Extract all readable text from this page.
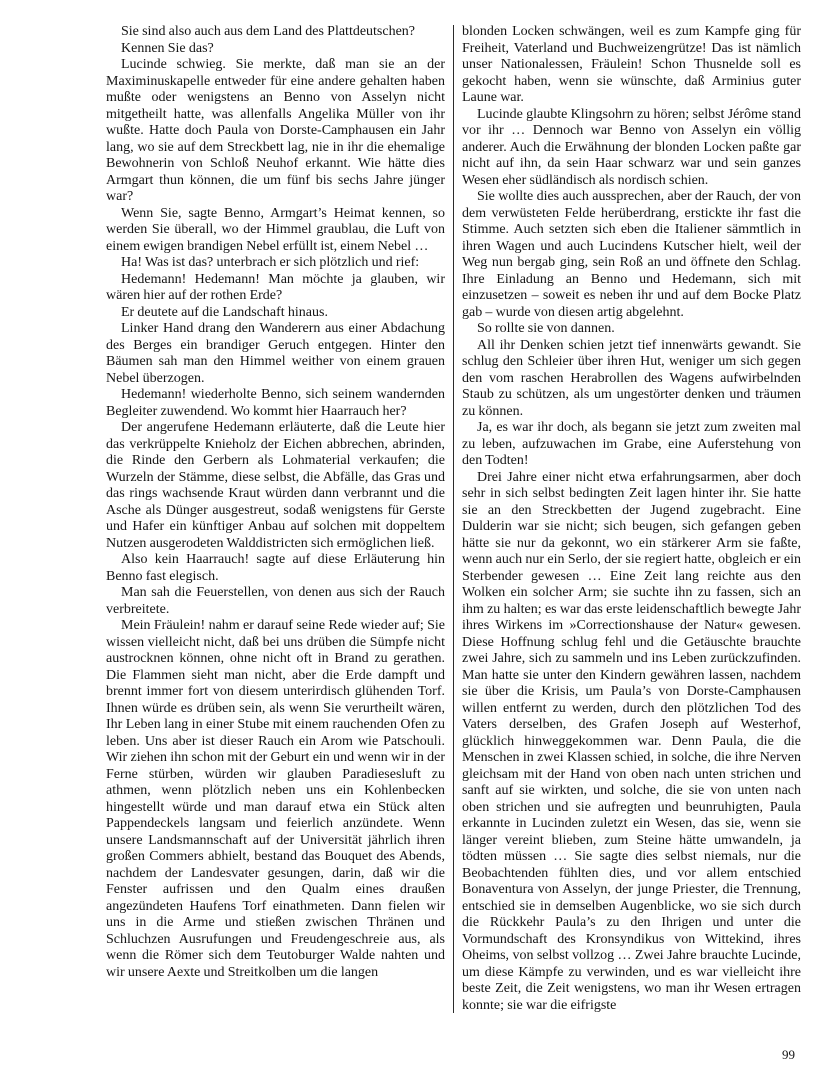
Sie sind also auch aus dem Land des Plattdeutschen?

Kennen Sie das?

Lucinde schwieg. Sie merkte, daß man sie an der Maximinuskapelle entweder für eine andere gehalten haben mußte oder wenigstens an Benno von Asselyn nicht mitgetheilt hatte, was allenfalls Angelika Müller von ihr wußte. Hatte doch Paula von Dorste-Camphausen ein Jahr lang, wo sie auf dem Streckbett lag, nie in ihr die ehemalige Bewohnerin von Schloß Neuhof erkannt. Wie hätte dies Armgart thun können, die um fünf bis sechs Jahre jünger war?

Wenn Sie, sagte Benno, Armgart’s Heimat kennen, so werden Sie überall, wo der Himmel graublau, die Luft von einem ewigen brandigen Nebel erfüllt ist, einem Nebel …

Ha! Was ist das? unterbrach er sich plötzlich und rief:

Hedemann! Hedemann! Man möchte ja glauben, wir wären hier auf der rothen Erde?

Er deutete auf die Landschaft hinaus.

Linker Hand drang den Wanderern aus einer Abdachung des Berges ein brandiger Geruch entgegen. Hinter den Bäumen sah man den Himmel weither von einem grauen Nebel überzogen.

Hedemann! wiederholte Benno, sich seinem wandernden Begleiter zuwendend. Wo kommt hier Haarrauch her?

Der angerufene Hedemann erläuterte, daß die Leute hier das verkrüppelte Knieholz der Eichen abbrechen, abrinden, die Rinde den Gerbern als Lohmaterial verkaufen; die Wurzeln der Stämme, diese selbst, die Abfälle, das Gras und das rings wachsende Kraut würden dann verbrannt und die Asche als Dünger ausgestreut, sodaß wenigstens für Gerste und Hafer ein künftiger Anbau auf solchen mit doppeltem Nutzen ausgerodeten Walddistricten sich ermöglichen ließ.

Also kein Haarrauch! sagte auf diese Erläuterung hin Benno fast elegisch.

Man sah die Feuerstellen, von denen aus sich der Rauch verbreitete.

Mein Fräulein! nahm er darauf seine Rede wieder auf; Sie wissen vielleicht nicht, daß bei uns drüben die Sümpfe nicht austrocknen können, ohne nicht oft in Brand zu gerathen. Die Flammen sieht man nicht, aber die Erde dampft und brennt immer fort von diesem unterirdisch glühenden Torf. Ihnen würde es drüben sein, als wenn Sie verurtheilt wären, Ihr Leben lang in einer Stube mit einem rauchenden Ofen zu leben. Uns aber ist dieser Rauch ein Arom wie Patschouli. Wir ziehen ihn schon mit der Geburt ein und wenn wir in der Ferne stürben, würden wir glauben Paradiesesluft zu athmen, wenn plötzlich neben uns ein Kohlenbecken hingestellt würde und man darauf etwa ein Stück alten Pappendeckels langsam und feierlich anzündete. Wenn unsere Landsmannschaft auf der Universität jährlich ihren großen Commers abhielt, bestand das Bouquet des Abends, nachdem der Landesvater gesungen, darin, daß wir die Fenster aufrissen und den Qualm eines draußen angezündeten Haufens Torf einathmeten. Dann fielen wir uns in die Arme und stießen zwischen Thränen und Schluchzen Ausrufungen und Freudengeschreie aus, als wenn die Römer sich dem Teutoburger Walde nahten und wir unsere Aexte und Streitkolben um die langen

blonden Locken schwängen, weil es zum Kampfe ging für Freiheit, Vaterland und Buchweizengrütze! Das ist nämlich unser Nationalessen, Fräulein! Schon Thusnelde soll es gekocht haben, wenn sie wünschte, daß Arminius guter Laune war.

Lucinde glaubte Klingsohrn zu hören; selbst Jérôme stand vor ihr … Dennoch war Benno von Asselyn ein völlig anderer. Auch die Erwähnung der blonden Locken paßte gar nicht auf ihn, da sein Haar schwarz war und sein ganzes Wesen eher südländisch als nordisch schien.

Sie wollte dies auch aussprechen, aber der Rauch, der von dem verwüsteten Felde herüberdrang, erstickte ihr fast die Stimme. Auch setzten sich eben die Italiener sämmtlich in ihren Wagen und auch Lucindens Kutscher hielt, weil der Weg nun bergab ging, sein Roß an und öffnete den Schlag. Ihre Einladung an Benno und Hedemann, sich mit einzusetzen – soweit es neben ihr und auf dem Bocke Platz gab – wurde von diesen artig abgelehnt.

So rollte sie von dannen.

All ihr Denken schien jetzt tief innenwärts gewandt. Sie schlug den Schleier über ihren Hut, weniger um sich gegen den vom raschen Herabrollen des Wagens aufwirbelnden Staub zu schützen, als um ungestörter denken und träumen zu können.

Ja, es war ihr doch, als begann sie jetzt zum zweiten mal zu leben, aufzuwachen im Grabe, eine Auferstehung von den Todten!

Drei Jahre einer nicht etwa erfahrungsarmen, aber doch sehr in sich selbst bedingten Zeit lagen hinter ihr. Sie hatte sie an den Streckbetten der Jugend zugebracht. Eine Dulderin war sie nicht; sich beugen, sich gefangen geben hätte sie nur da gekonnt, wo ein stärkerer Arm sie faßte, wenn auch nur ein Serlo, der sie regiert hatte, obgleich er ein Sterbender gewesen … Eine Zeit lang reichte aus den Wolken ein solcher Arm; sie suchte ihn zu fassen, sich an ihm zu halten; es war das erste leidenschaftlich bewegte Jahr ihres Wirkens im »Correctionshause der Natur« gewesen. Diese Hoffnung schlug fehl und die Getäuschte brauchte zwei Jahre, sich zu sammeln und ins Leben zurückzufinden. Man hatte sie unter den Kindern gewähren lassen, nachdem sie über die Krisis, um Paula’s von Dorste-Camphausen willen entfernt zu werden, durch den plötzlichen Tod des Vaters derselben, des Grafen Joseph auf Westerhof, glücklich hinweggekommen war. Denn Paula, die die Menschen in zwei Klassen schied, in solche, die ihre Nerven gleichsam mit der Hand von oben nach unten strichen und sanft auf sie wirkten, und solche, die sie von unten nach oben strichen und sie aufregten und beunruhigten, Paula erkannte in Lucinden zuletzt ein Wesen, das sie, wenn sie länger vereint blieben, zum Steine hätte umwandeln, ja tödten müssen … Sie sagte dies selbst niemals, nur die Beobachtenden fühlten dies, und vor allem entschied Bonaventura von Asselyn, der junge Priester, die Trennung, entschied sie in demselben Augenblicke, wo sie sich durch die Rückkehr Paula’s zu den Ihrigen und unter die Vormundschaft des Kronsyndikus von Wittekind, ihres Oheims, von selbst vollzog … Zwei Jahre brauchte Lucinde, um diese Kämpfe zu verwinden, und es war vielleicht ihre beste Zeit, die Zeit wenigstens, wo man ihr Wesen ertragen konnte; sie war die eifrigste

99
